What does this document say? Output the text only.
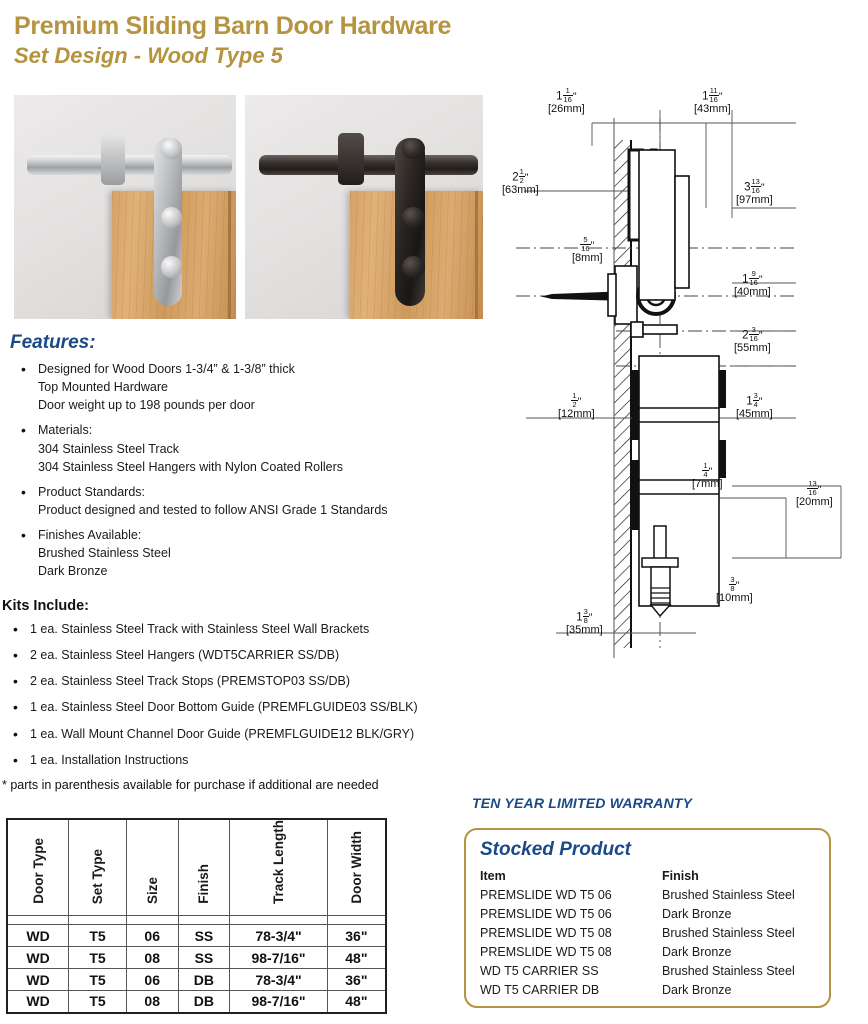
Premium Sliding Barn Door Hardware
Set Design - Wood Type 5
Features:
• Designed for Wood Doors 1-3/4” & 1-3/8” thick
Top Mounted Hardware
Door weight up to 198 pounds per door
• Materials:
304 Stainless Steel Track
304 Stainless Steel Hangers with Nylon Coated Rollers
• Product Standards:
Product designed and tested to follow ANSI Grade 1 Standards
• Finishes Available:
Brushed Stainless Steel
Dark Bronze
Kits Include:
• 1 ea. Stainless Steel Track with Stainless Steel Wall Brackets
• 2 ea. Stainless Steel Hangers (WDT5CARRIER SS/DB)
• 2 ea. Stainless Steel Track Stops (PREMSTOP03 SS/DB)
• 1 ea. Stainless Steel Door Bottom Guide (PREMFLGUIDE03 SS/BLK)
• 1 ea. Wall Mount Channel Door Guide (PREMFLGUIDE12 BLK/GRY)
• 1 ea. Installation Instructions
* parts in parenthesis available for purchase if additional are needed
Door Type	Set Type	Size	Finish	Track Length	Door Width

WD	T5	06	SS	78-3/4"	36"
WD	T5	08	SS	98-7/16"	48"
WD	T5	06	DB	78-3/4"	36"
WD	T5	08	DB	98-7/16"	48"
TEN YEAR LIMITED WARRANTY
Stocked Product
Item	Finish
PREMSLIDE WD T5 06	Brushed Stainless Steel
PREMSLIDE WD T5 06	Dark Bronze
PREMSLIDE WD T5 08	Brushed Stainless Steel
PREMSLIDE WD T5 08	Dark Bronze
WD T5 CARRIER SS	Brushed Stainless Steel
WD T5 CARRIER DB	Dark Bronze
$1 \frac{1}{16}$ "
[26mm]
$1 \frac{11}{16}$ "
[43mm]
$2 \frac{1}{2}$ "
[63mm]	$3 \frac{13}{16}$ "
[97mm]
$\frac{5}{16}$ "
[8mm]
$1 \frac{9}{16}$ "
[40mm]
$2 \frac{3}{16}$ "
[55mm]
$\frac{1}{2}$ "
[12mm]
$1 \frac{3}{4}$ "
[45mm]
$\frac{1}{4}$ "
[7mm]	$\frac{13}{16}$ "
[20mm]
$\frac{3}{8}$ "
[10mm]
$1 \frac{3}{8}$ "
[35mm]
